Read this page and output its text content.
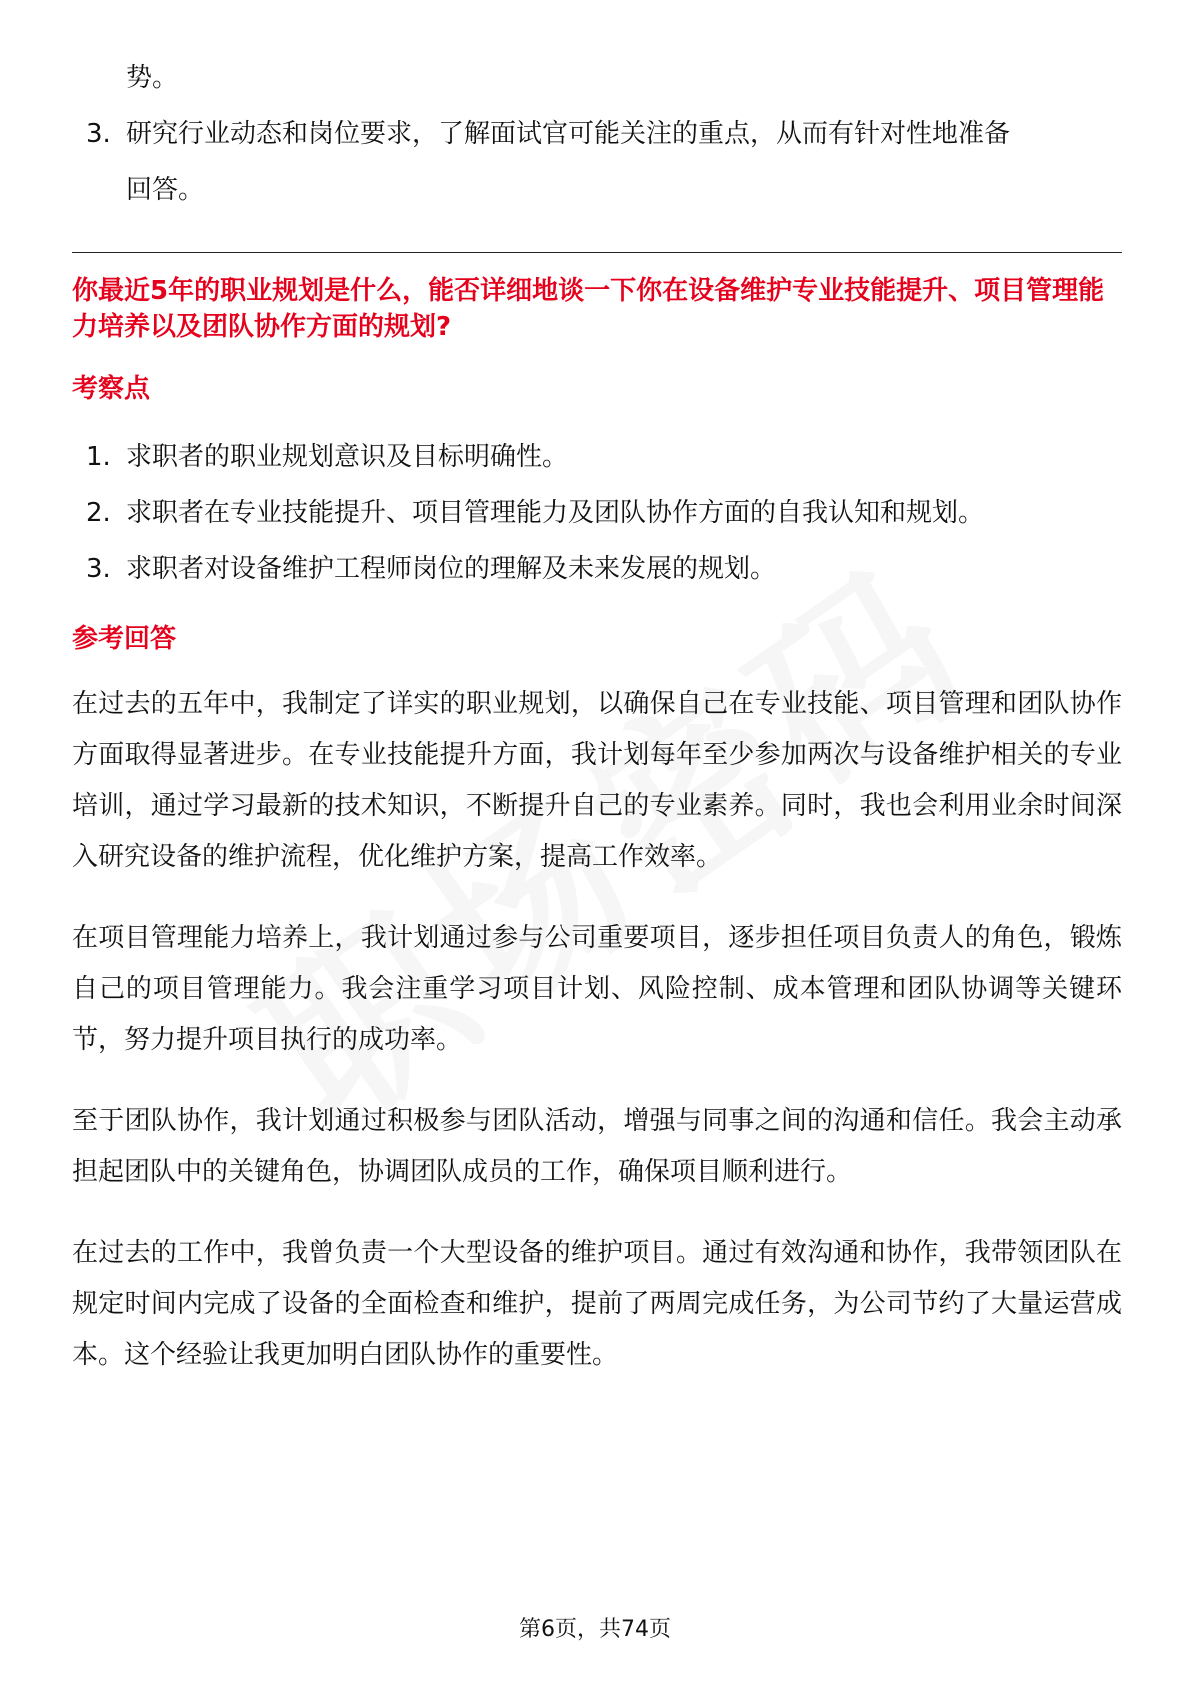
势。
3. 研究行业动态和岗位要求，了解面试官可能关注的重点，从而有针对性地准备
回答。

你最近5年的职业规划是什么，能否详细地谈一下你在设备维护专业技能提升、项目管理能力培养以及团队协作方面的规划?

考察点
1. 求职者的职业规划意识及目标明确性。
2. 求职者在专业技能提升、项目管理能力及团队协作方面的自我认知和规划。
3. 求职者对设备维护工程师岗位的理解及未来发展的规划。
参考回答

在过去的五年中，我制定了详实的职业规划，以确保自己在专业技能、项目管理和团队协作方面取得显著进步。在专业技能提升方面，我计划每年至少参加两次与设备维护相关的专业培训，通过学习最新的技术知识，不断提升自己的专业素养。同时，我也会利用业余时间深入研究设备的维护流程，优化维护方案，提高工作效率。

在项目管理能力培养上，我计划通过参与公司重要项目，逐步担任项目负责人的角色，锻炼自己的项目管理能力。我会注重学习项目计划、风险控制、成本管理和团队协调等关键环节，努力提升项目执行的成功率。

至于团队协作，我计划通过积极参与团队活动，增强与同事之间的沟通和信任。我会主动承担起团队中的关键角色，协调团队成员的工作，确保项目顺利进行。

在过去的工作中，我曾负责一个大型设备的维护项目。通过有效沟通和协作，我带领团队在规定时间内完成了设备的全面检查和维护，提前了两周完成任务，为公司节约了大量运营成本。这个经验让我更加明白团队协作的重要性。

第6页，共74页
